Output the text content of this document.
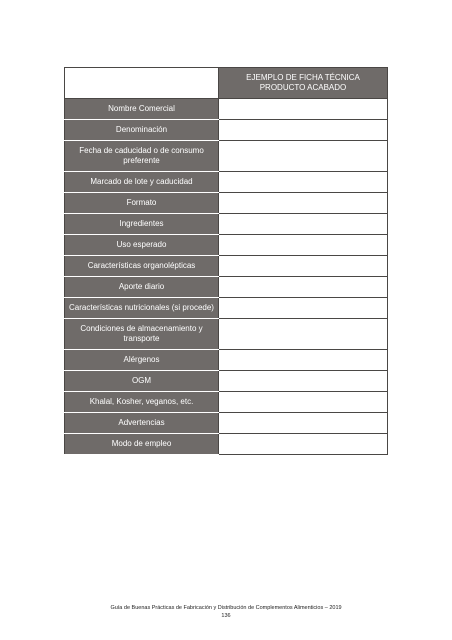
	EJEMPLO DE FICHA TÉCNICA
PRODUCTO ACABADO
Nombre Comercial	
Denominación	
Fecha de caducidad o de consumo
preferente	
Marcado de lote y caducidad	
Formato	
Ingredientes	
Uso esperado	
Características organolépticas	
Aporte diario	
Características nutricionales (si procede)	
Condiciones de almacenamiento y
transporte	
Alérgenos	
OGM	
Khalal, Kosher, veganos, etc.	
Advertencias	
Modo de empleo	
Guía de Buenas Prácticas de Fabricación y Distribución de Complementos Alimenticios – 2019
136
